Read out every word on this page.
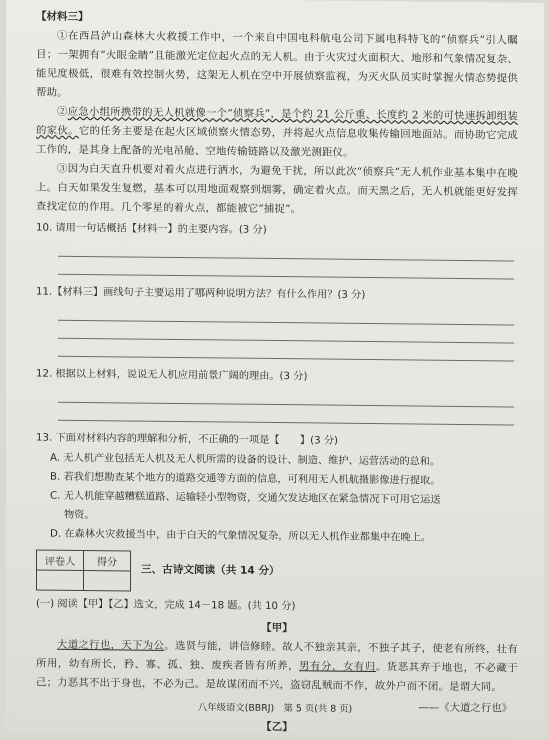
【材料三】

①在西昌泸山森林大火救援工作中，一个来自中国电科航电公司下属电科特飞的“侦察兵”引人瞩目；一架拥有“火眼金睛”且能激光定位起火点的无人机。由于火灾过火面积大、地形和气象情况复杂、能见度极低，很难有效控制火势，这架无人机在空中开展侦察监视，为灭火队员实时掌握火情态势提供帮助。

②应急小组所携带的无人机就像一个“侦察兵”，是个约 21 公斤重、长度约 2 米的可快速拆卸组装的家伙。它的任务主要是在起火区域侦察火情态势，并将起火点信息收集传输回地面站。而协助它完成工作的，是其身上配备的光电吊舱、空地传输链路以及激光测距仪。

③因为白天直升机要对着火点进行洒水，为避免干扰，所以此次“侦察兵”无人机作业基本集中在晚上。白天如果发生复燃，基本可以用地面观察到烟雾，确定着火点。而天黑之后，无人机就能更好发挥查找定位的作用。几个零星的着火点，都能被它“捕捉”。

10. 请用一句话概括【材料一】的主要内容。(3 分)

11.【材料三】画线句子主要运用了哪两种说明方法？有什么作用？(3 分)

12. 根据以上材料，说说无人机应用前景广阔的理由。(3 分)

13. 下面对材料内容的理解和分析，不正确的一项是【　　】(3 分)

A. 无人机产业包括无人机及无人机所需的设备的设计、制造、维护、运营活动的总和。

B. 若我们想勘查某个地方的道路交通等方面的信息，可利用无人机航摄影像进行提取。

C. 无人机能穿越糟糕道路、运输轻小型物资，交通欠发达地区在紧急情况下可用它运送
物资。

D. 在森林火灾救援当中，由于白天的气象情况复杂，所以无人机作业都集中在晚上。

评卷人	得分

三、古诗文阅读（共 14 分）

(一) 阅读【甲】【乙】选文，完成 14－18 题。(共 10 分)

【甲】

大道之行也，天下为公。选贤与能，讲信修睦。故人不独亲其亲，不独子其子，使老有所终，壮有所用，幼有所长，矜、寡、孤、独、废疾者皆有所养，男有分，女有归。货恶其弃于地也，不必藏于己；力恶其不出于身也，不必为己。是故谋闭而不兴，盗窃乱贼而不作，故外户而不闭。是谓大同。

——《大道之行也》

【乙】

八年级语文(BBRJ)　第 5 页(共 8 页)
